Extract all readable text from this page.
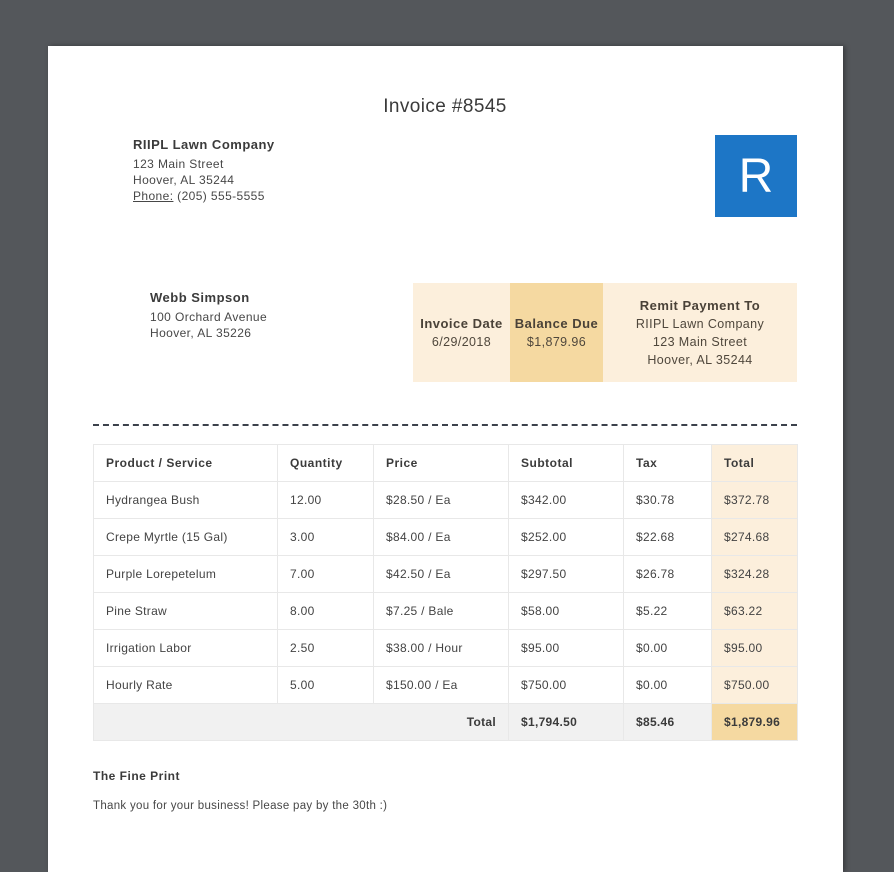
Invoice #8545
RIIPL Lawn Company
123 Main Street
Hoover, AL 35244
Phone: (205) 555-5555	R
Webb Simpson
100 Orchard Avenue
Hoover, AL 35226
Invoice Date
6/29/2018
Balance Due
$1,879.96
Remit Payment To
RIIPL Lawn Company
123 Main Street
Hoover, AL 35244
Product / Service	Quantity	Price	Subtotal	Tax	Total
Hydrangea Bush	12.00	$28.50 / Ea	$342.00	$30.78	$372.78
Crepe Myrtle (15 Gal)	3.00	$84.00 / Ea	$252.00	$22.68	$274.68
Purple Lorepetelum	7.00	$42.50 / Ea	$297.50	$26.78	$324.28
Pine Straw	8.00	$7.25 / Bale	$58.00	$5.22	$63.22
Irrigation Labor	2.50	$38.00 / Hour	$95.00	$0.00	$95.00
Hourly Rate	5.00	$150.00 / Ea	$750.00	$0.00	$750.00
Total			$1,794.50	$85.46	$1,879.96
The Fine Print
Thank you for your business! Please pay by the 30th :)
